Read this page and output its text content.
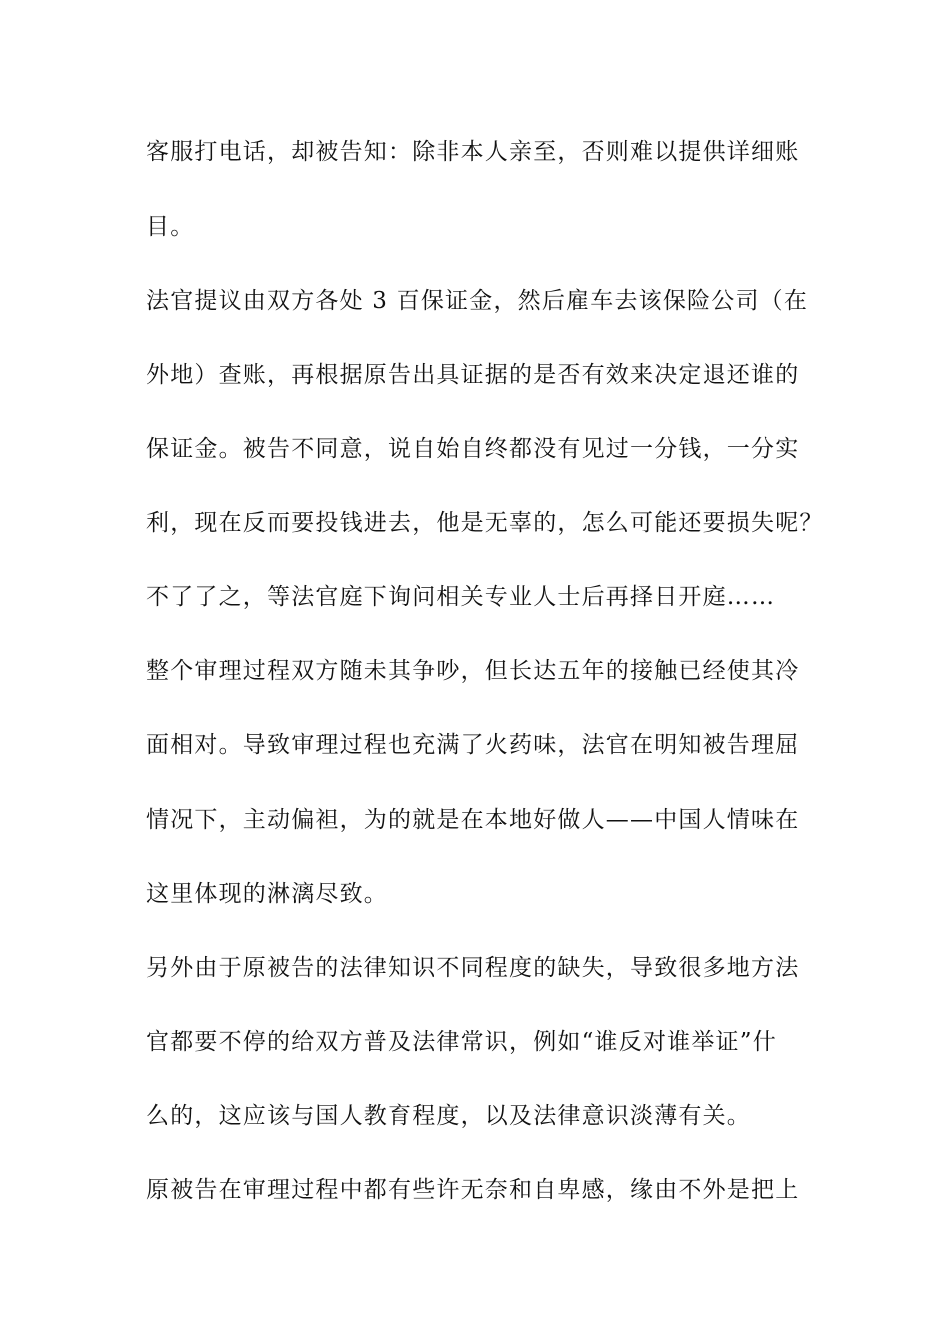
客服打电话，却被告知：除非本人亲至，否则难以提供详细账

目。

法官提议由双方各处 3 百保证金，然后雇车去该保险公司（在

外地）查账，再根据原告出具证据的是否有效来决定退还谁的

保证金。被告不同意，说自始自终都没有见过一分钱，一分实

利，现在反而要投钱进去，他是无辜的，怎么可能还要损失呢？

不了了之，等法官庭下询问相关专业人士后再择日开庭……

整个审理过程双方随未其争吵，但长达五年的接触已经使其冷

面相对。导致审理过程也充满了火药味，法官在明知被告理屈

情况下，主动偏袒，为的就是在本地好做人——中国人情味在

这里体现的淋漓尽致。

另外由于原被告的法律知识不同程度的缺失，导致很多地方法

官都要不停的给双方普及法律常识，例如“谁反对谁举证”什

么的，这应该与国人教育程度，以及法律意识淡薄有关。

原被告在审理过程中都有些许无奈和自卑感，缘由不外是把上
